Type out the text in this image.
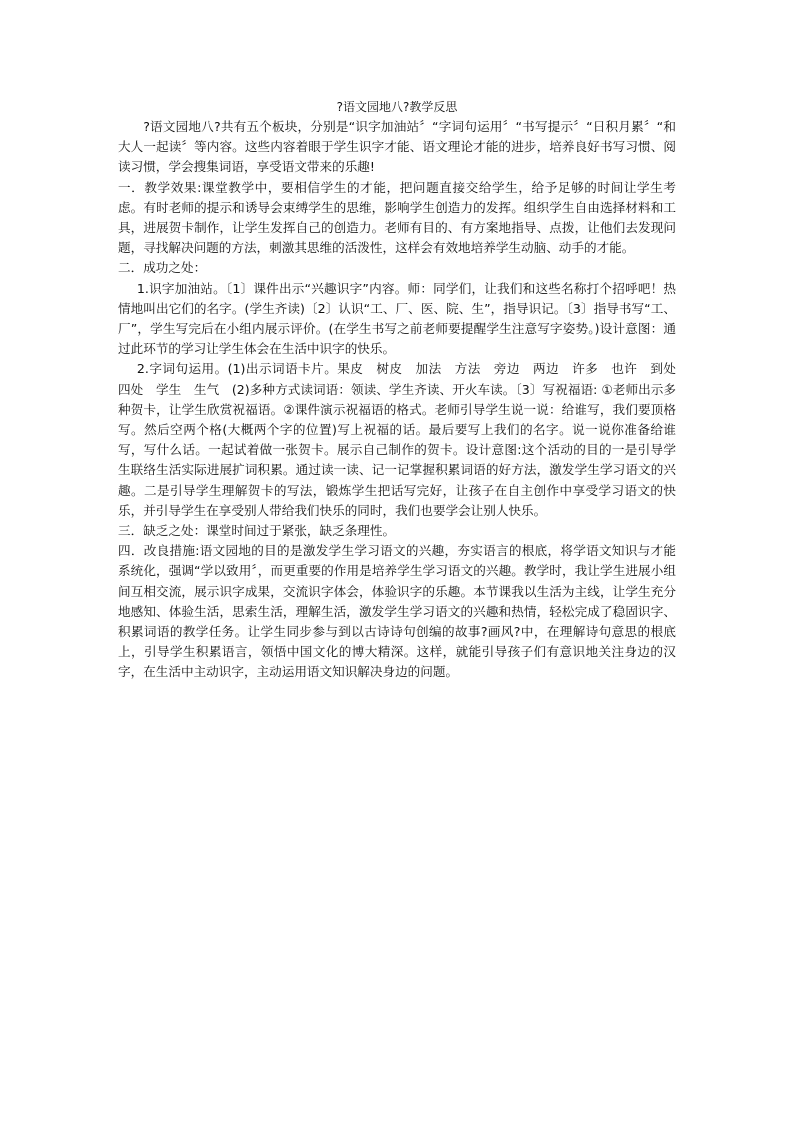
?语文园地八?教学反思

?语文园地八?共有五个板块，分别是“识字加油站〞“字词句运用〞“书写提示〞“日积月累〞“和大人一起读〞等内容。这些内容着眼于学生识字才能、语文理论才能的进步，培养良好书写习惯、阅读习惯，学会搜集词语，享受语文带来的乐趣!

一．教学效果:课堂教学中，要相信学生的才能，把问题直接交给学生，给予足够的时间让学生考虑。有时老师的提示和诱导会束缚学生的思维，影响学生创造力的发挥。组织学生自由选择材料和工具，进展贺卡制作，让学生发挥自己的创造力。老师有目的、有方案地指导、点拨，让他们去发现问题，寻找解决问题的方法，刺激其思维的活泼性，这样会有效地培养学生动脑、动手的才能。

二．成功之处：

1.识字加油站。〔1〕课件出示“兴趣识字”内容。师：同学们，让我们和这些名称打个招呼吧！热情地叫出它们的名字。(学生齐读)〔2〕认识“工、厂、医、院、生”，指导识记。〔3〕指导书写“工、厂”，学生写完后在小组内展示评价。(在学生书写之前老师要提醒学生注意写字姿势。)设计意图：通过此环节的学习让学生体会在生活中识字的快乐。

2.字词句运用。(1)出示词语卡片。果皮　树皮　加法　方法　旁边　两边　许多　也许　到处　四处　学生　生气　(2)多种方式读词语：领读、学生齐读、开火车读。〔3〕写祝福语: ①老师出示多种贺卡，让学生欣赏祝福语。②课件演示祝福语的格式。老师引导学生说一说：给谁写，我们要顶格写。然后空两个格(大概两个字的位置)写上祝福的话。最后要写上我们的名字。说一说你准备给谁写，写什么话。一起试着做一张贺卡。展示自己制作的贺卡。设计意图:这个活动的目的一是引导学生联络生活实际进展扩词积累。通过读一读、记一记掌握积累词语的好方法，激发学生学习语文的兴趣。二是引导学生理解贺卡的写法，锻炼学生把话写完好，让孩子在自主创作中享受学习语文的快乐，并引导学生在享受别人带给我们快乐的同时，我们也要学会让别人快乐。

三．缺乏之处：课堂时间过于紧张，缺乏条理性。

四．改良措施:语文园地的目的是激发学生学习语文的兴趣，夯实语言的根底，将学语文知识与才能系统化，强调“学以致用〞，而更重要的作用是培养学生学习语文的兴趣。教学时，我让学生进展小组间互相交流，展示识字成果，交流识字体会，体验识字的乐趣。本节课我以生活为主线，让学生充分地感知、体验生活，思索生活，理解生活，激发学生学习语文的兴趣和热情，轻松完成了稳固识字、积累词语的教学任务。让学生同步参与到以古诗诗句创编的故事?画风?中，在理解诗句意思的根底上，引导学生积累语言，领悟中国文化的博大精深。这样，就能引导孩子们有意识地关注身边的汉字，在生活中主动识字，主动运用语文知识解决身边的问题。
